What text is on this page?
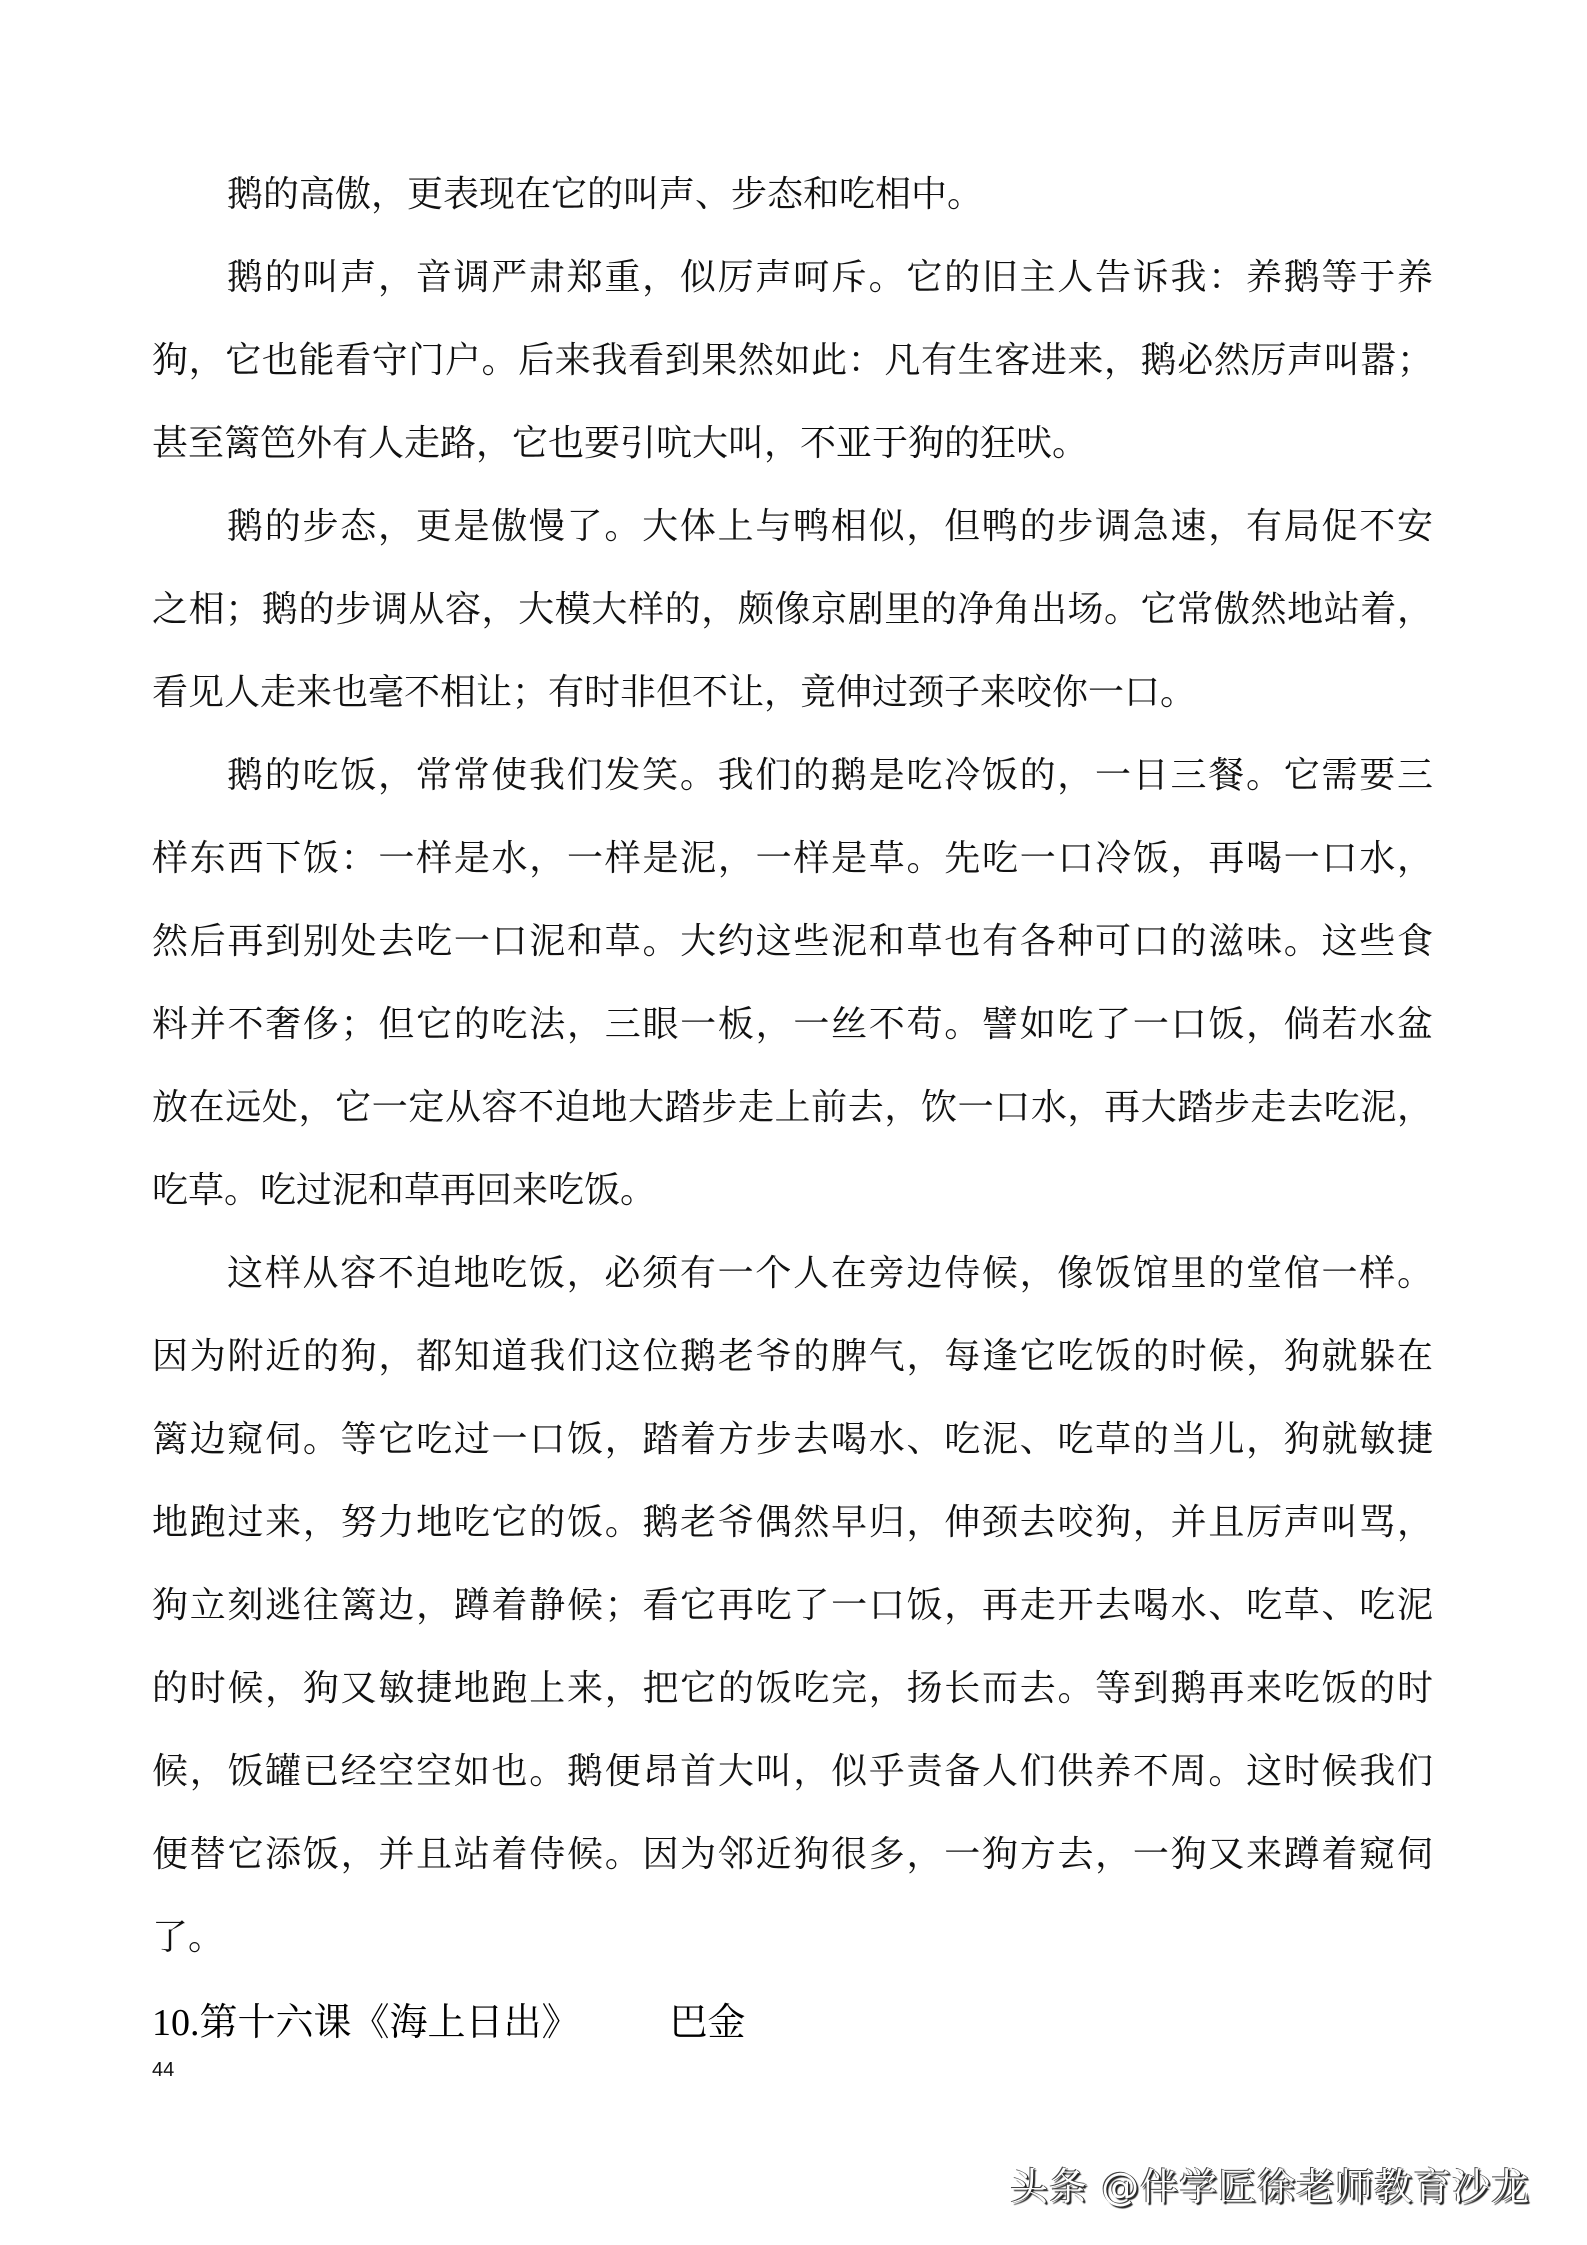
鹅的高傲，更表现在它的叫声、步态和吃相中。
鹅的叫声，音调严肃郑重，似厉声呵斥。它的旧主人告诉我：养鹅等于养
狗，它也能看守门户。后来我看到果然如此：凡有生客进来，鹅必然厉声叫嚣；
甚至篱笆外有人走路，它也要引吭大叫，不亚于狗的狂吠。
鹅的步态，更是傲慢了。大体上与鸭相似，但鸭的步调急速，有局促不安
之相；鹅的步调从容，大模大样的，颇像京剧里的净角出场。它常傲然地站着，
看见人走来也毫不相让；有时非但不让，竟伸过颈子来咬你一口。
鹅的吃饭，常常使我们发笑。我们的鹅是吃冷饭的，一日三餐。它需要三
样东西下饭：一样是水，一样是泥，一样是草。先吃一口冷饭，再喝一口水，
然后再到别处去吃一口泥和草。大约这些泥和草也有各种可口的滋味。这些食
料并不奢侈；但它的吃法，三眼一板，一丝不苟。譬如吃了一口饭，倘若水盆
放在远处，它一定从容不迫地大踏步走上前去，饮一口水，再大踏步走去吃泥，
吃草。吃过泥和草再回来吃饭。
这样从容不迫地吃饭，必须有一个人在旁边侍候，像饭馆里的堂倌一样。
因为附近的狗，都知道我们这位鹅老爷的脾气，每逢它吃饭的时候，狗就躲在
篱边窥伺。等它吃过一口饭，踏着方步去喝水、吃泥、吃草的当儿，狗就敏捷
地跑过来，努力地吃它的饭。鹅老爷偶然早归，伸颈去咬狗，并且厉声叫骂，
狗立刻逃往篱边，蹲着静候；看它再吃了一口饭，再走开去喝水、吃草、吃泥
的时候，狗又敏捷地跑上来，把它的饭吃完，扬长而去。等到鹅再来吃饭的时
候，饭罐已经空空如也。鹅便昂首大叫，似乎责备人们供养不周。这时候我们
便替它添饭，并且站着侍候。因为邻近狗很多，一狗方去，一狗又来蹲着窥伺
了。
10.第十六课《海上日出》 巴金
44
头条 @伴学匠徐老师教育沙龙
